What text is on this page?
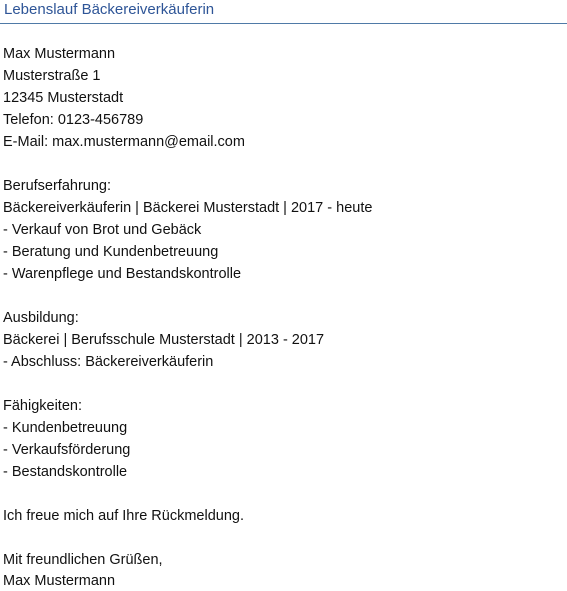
Lebenslauf Bäckereiverkäuferin
Max Mustermann
Musterstraße 1
12345 Musterstadt
Telefon: 0123-456789
E-Mail: max.mustermann@email.com
Berufserfahrung:
Bäckereiverkäuferin | Bäckerei Musterstadt | 2017 - heute
- Verkauf von Brot und Gebäck
- Beratung und Kundenbetreuung
- Warenpflege und Bestandskontrolle
Ausbildung:
Bäckerei | Berufsschule Musterstadt | 2013 - 2017
- Abschluss: Bäckereiverkäuferin
Fähigkeiten:
- Kundenbetreuung
- Verkaufsförderung
- Bestandskontrolle
Ich freue mich auf Ihre Rückmeldung.
Mit freundlichen Grüßen,
Max Mustermann
